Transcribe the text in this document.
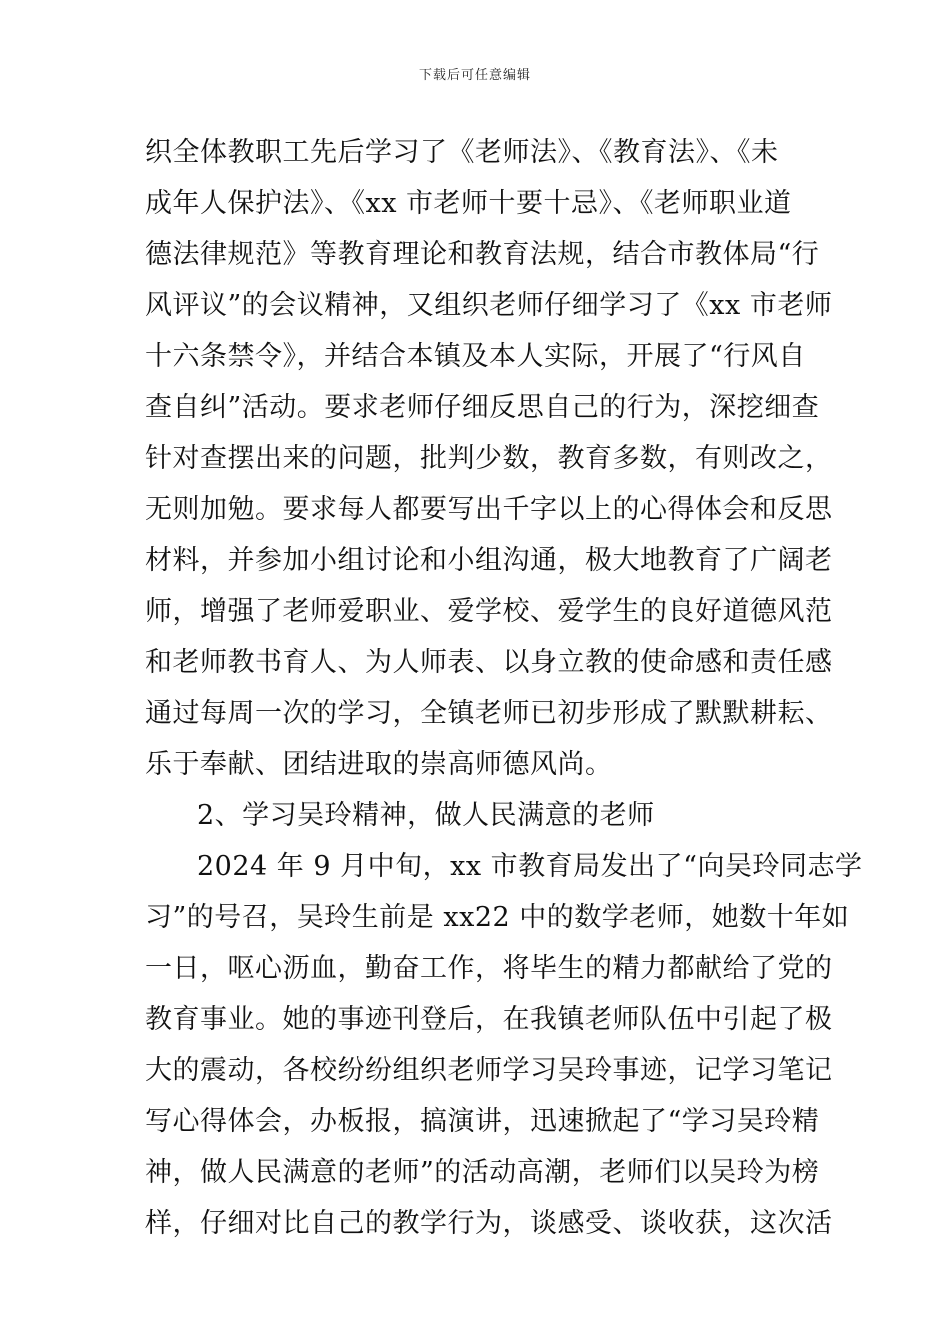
下载后可任意编辑
织全体教职工先后学习了《老师法》、《教育法》、《未
成年人保护法》、《xx 市老师十要十忌》、《老师职业道
德法律规范》等教育理论和教育法规，结合市教体局“行
风评议”的会议精神，又组织老师仔细学习了《xx 市老师
十六条禁令》，并结合本镇及本人实际，开展了“行风自
查自纠”活动。要求老师仔细反思自己的行为，深挖细查
针对查摆出来的问题，批判少数，教育多数，有则改之，
无则加勉。要求每人都要写出千字以上的心得体会和反思
材料，并参加小组讨论和小组沟通，极大地教育了广阔老
师，增强了老师爱职业、爱学校、爱学生的良好道德风范
和老师教书育人、为人师表、以身立教的使命感和责任感
通过每周一次的学习，全镇老师已初步形成了默默耕耘、
乐于奉献、团结进取的崇高师德风尚。
2、学习吴玲精神，做人民满意的老师
2024 年 9 月中旬，xx 市教育局发出了“向吴玲同志学
习”的号召，吴玲生前是 xx22 中的数学老师，她数十年如
一日，呕心沥血，勤奋工作，将毕生的精力都献给了党的
教育事业。她的事迹刊登后，在我镇老师队伍中引起了极
大的震动，各校纷纷组织老师学习吴玲事迹，记学习笔记
写心得体会，办板报，搞演讲，迅速掀起了“学习吴玲精
神，做人民满意的老师”的活动高潮，老师们以吴玲为榜
样，仔细对比自己的教学行为，谈感受、谈收获，这次活
